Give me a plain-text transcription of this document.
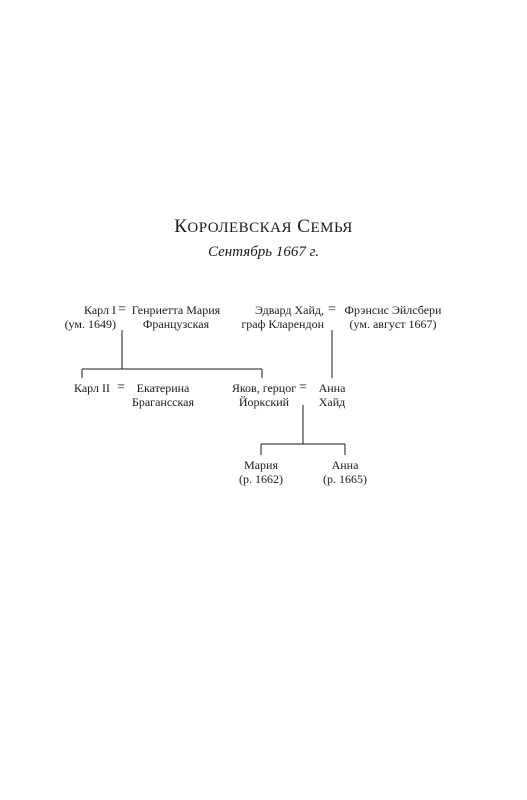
КОРОЛЕВСКАЯ СЕМЬЯ
Сентябрь 1667 г.
Карл I
(ум. 1649)
= Генриетта Мария
Французская
Эдвард Хайд,
граф Кларендон
= Фрэнсис Эйлсбери
(ум. август 1667)
Карл II = Екатерина
Брагансская
Яков, герцог
Йоркский
= Анна
Хайд
Мария
(р. 1662)
Анна
(р. 1665)
